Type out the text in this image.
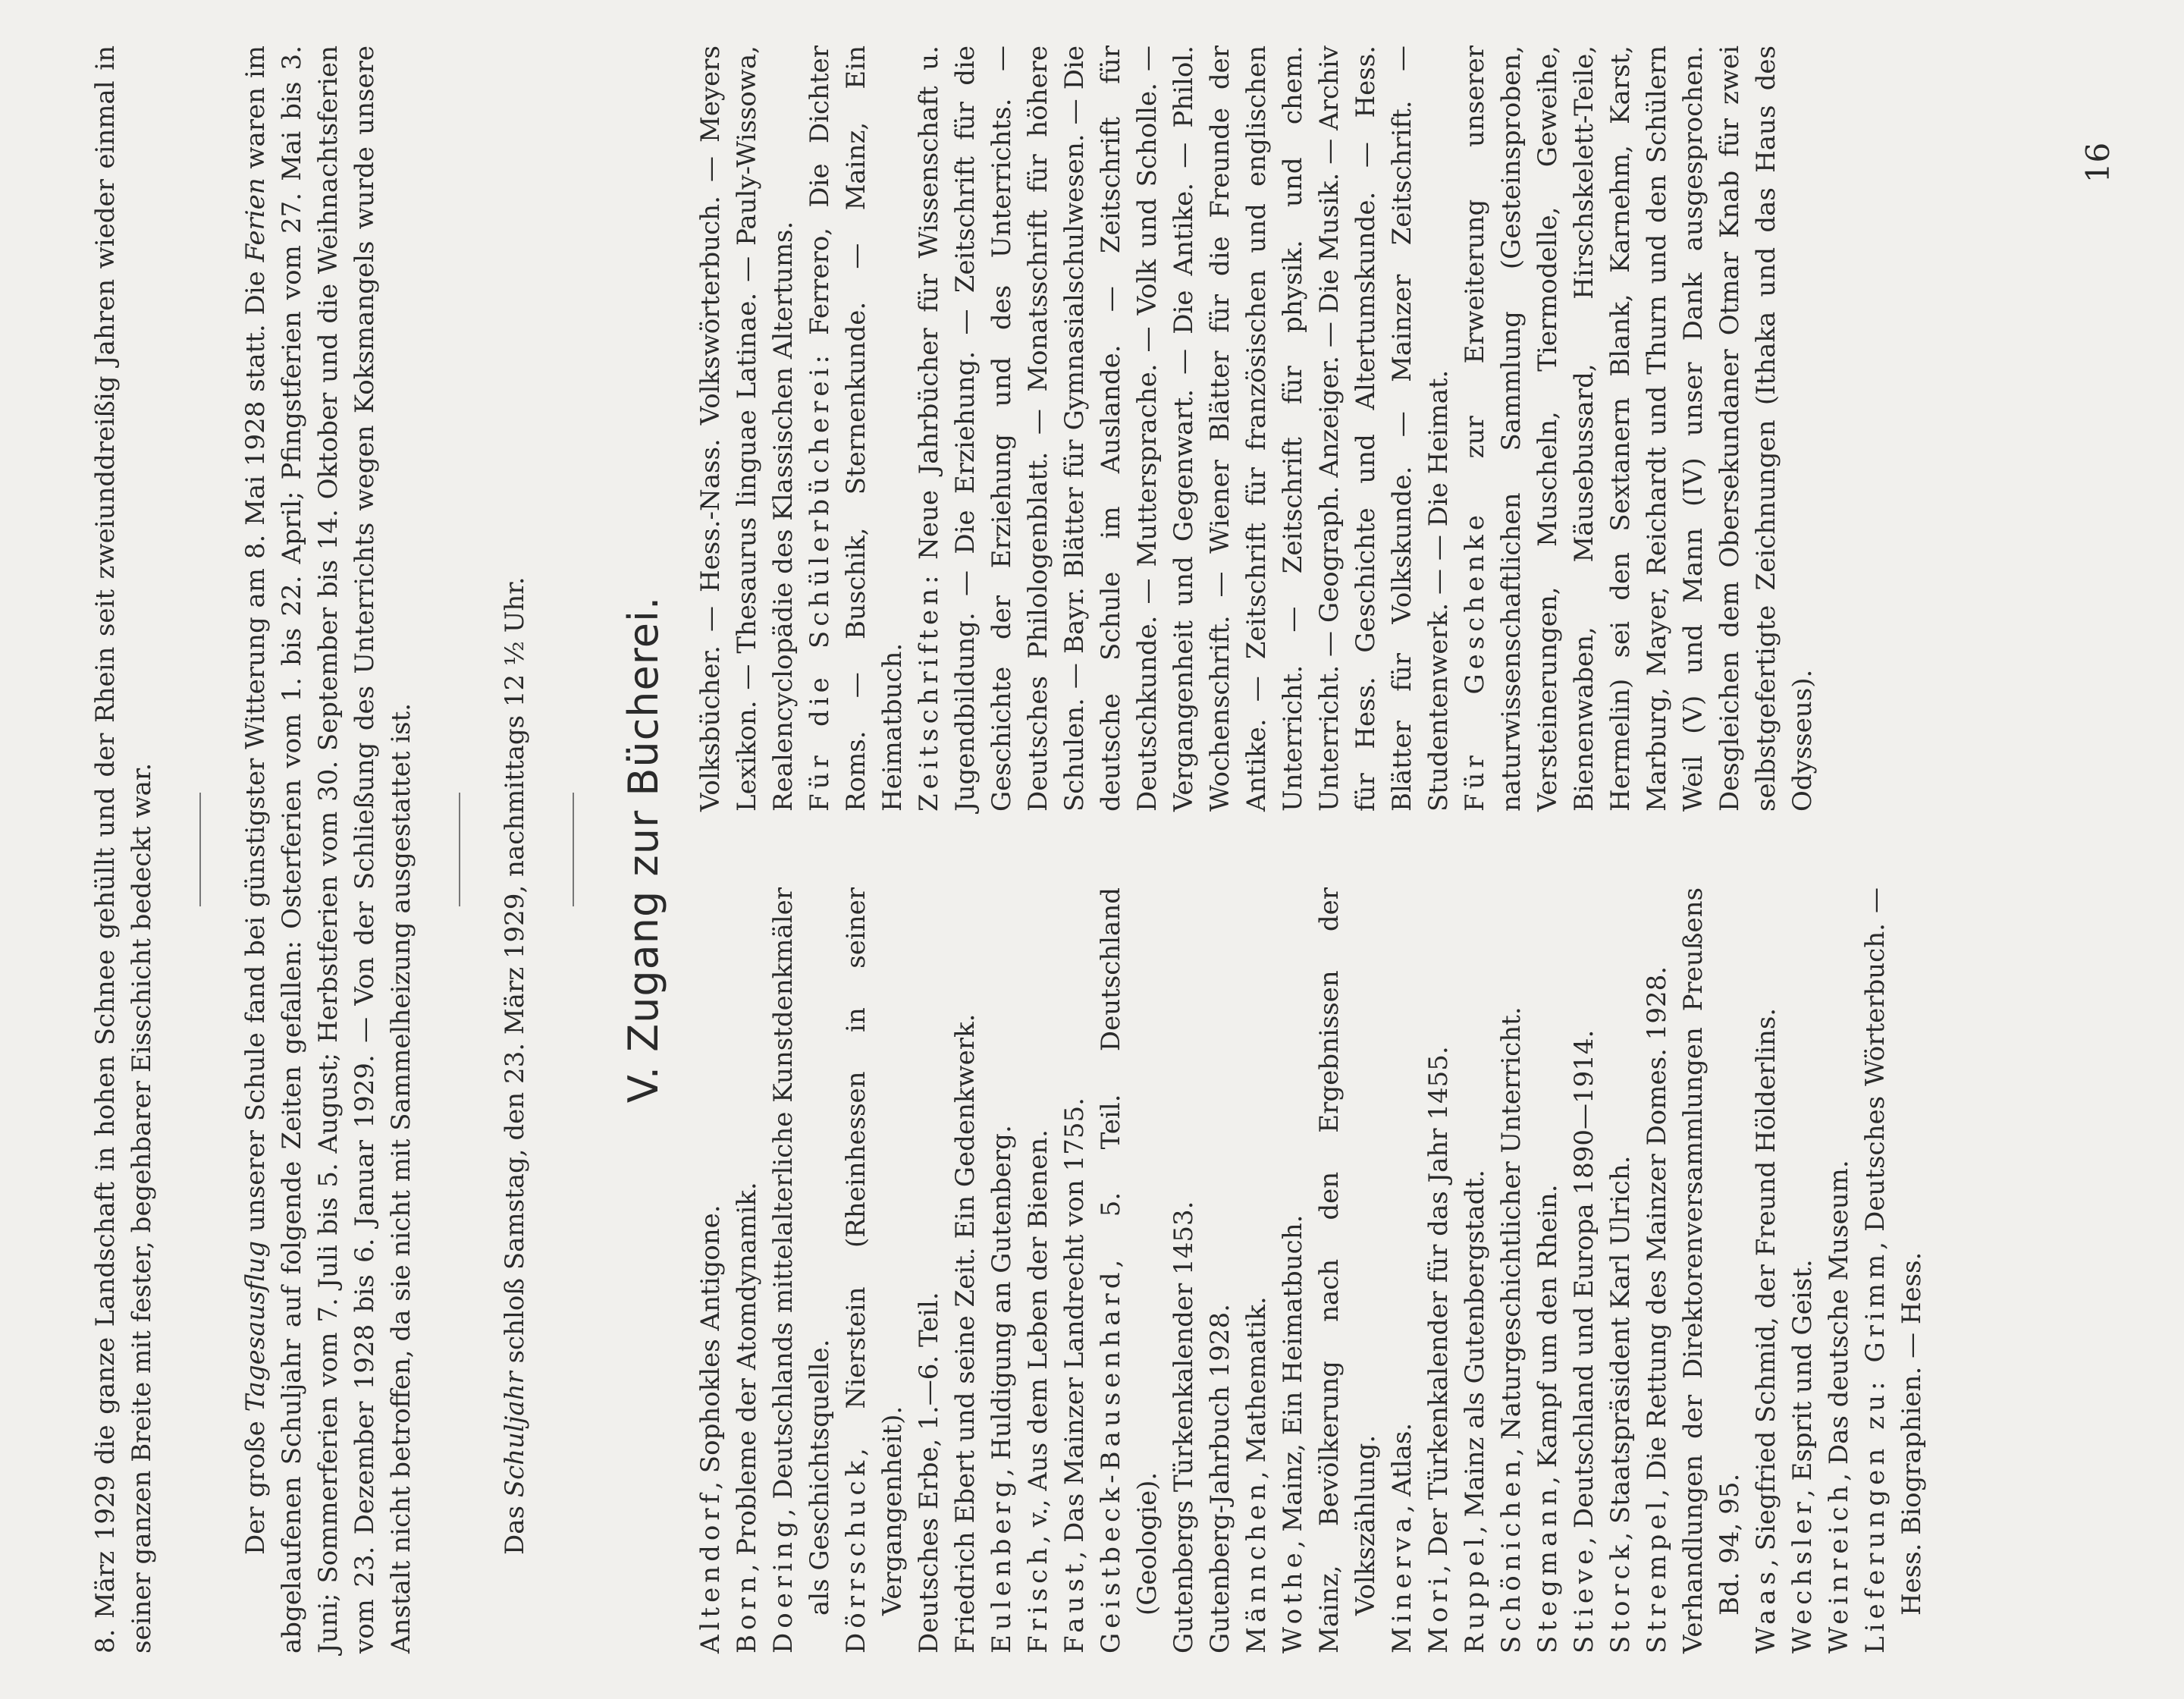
8. März 1929 die ganze Landschaft in hohen Schnee gehüllt und der Rhein seit zweiunddreißig Jahren wieder einmal in seiner ganzen Breite mit fester, begehbarer Eisschicht bedeckt war.	Der große Tagesausflug unserer Schule fand bei günstigster Witterung am 8. Mai 1928 statt. Die Ferien waren im abgelaufenen Schuljahr auf folgende Zeiten gefallen: Osterferien vom 1. bis 22. April; Pfingstferien vom 27. Mai bis 3. Juni; Sommerferien vom 7. Juli bis 5. August; Herbstferien vom 30. September bis 14. Oktober und die Weihnachtsferien vom 23. Dezember 1928 bis 6. Januar 1929. — Von der Schließung des Unterrichts wegen Koksmangels wurde unsere Anstalt nicht betroffen, da sie nicht mit Sammelheizung ausgestattet ist.	Das Schuljahr schloß Samstag, den 23. März 1929, nachmittags 12 ½ Uhr. V. Zugang zur Bücherei.

Altendorf, Sophokles Antigone.

Born, Probleme der Atomdynamik.

Doering, Deutschlands mittelalterliche Kunstdenkmäler als Geschichtsquelle. Dörrschuck, Nierstein (Rheinhessen in seiner Vergangenheit). Deutsches Erbe, 1.—6. Teil. Friedrich Ebert und seine Zeit. Ein Gedenkwerk. Eulenberg, Huldigung an Gutenberg.

Frisch, v., Aus dem Leben der Bienen.

Faust, Das Mainzer Landrecht von 1755. Geistbeck-Bausenhard, 5. Teil. Deutschland (Geologie). Gutenbergs Türkenkalender 1453. Gutenberg-Jahrbuch 1928. Männchen, Mathematik.

Wothe, Mainz, Ein Heimatbuch. Mainz, Bevölkerung nach den Ergebnissen der Volkszählung. Minerva, Atlas.

Mori, Der Türkenkalender für das Jahr 1455.

Ruppel, Mainz als Gutenbergstadt.

Schönichen, Naturgeschichtlicher Unterricht.

Stegmann, Kampf um den Rhein.

Stieve, Deutschland und Europa 1890—1914.

Storck, Staatspräsident Karl Ulrich.

Strempel, Die Rettung des Mainzer Domes. 1928. Verhandlungen der Direktorenversammlungen Preußens Bd. 94, 95. Waas, Siegfried Schmid, der Freund Hölderlins.

Wechsler, Esprit und Geist.

Weinreich, Das deutsche Museum. Lieferungen zu: Grimm, Deutsches Wörterbuch. — Hess. Biographien. — Hess.

Volksbücher. — Hess.-Nass. Volkswörterbuch. — Meyers Lexikon. — Thesaurus linguae Latinae. — Pauly-Wissowa, Realencyclopädie des Klassischen Altertums. Für die Schülerbücherei: Ferrero, Die Dichter Roms. — Buschik, Sternenkunde. — Mainz, Ein Heimatbuch. Zeitschriften: Neue Jahrbücher für Wissenschaft u. Jugendbildung. — Die Erziehung. — Zeitschrift für die Geschichte der Erziehung und des Unterrichts. — Deutsches Philologenblatt. — Monatsschrift für höhere Schulen. — Bayr. Blätter für Gymnasialschulwesen. — Die deutsche Schule im Auslande. — Zeitschrift für Deutschkunde. — Muttersprache. — Volk und Scholle. — Vergangenheit und Gegenwart. — Die Antike. — Philol. Wochenschrift. — Wiener Blätter für die Freunde der Antike. — Zeitschrift für französischen und englischen Unterricht. — Zeitschrift für physik. und chem. Unterricht. — Geograph. Anzeiger. — Die Musik. — Archiv für Hess. Geschichte und Altertumskunde. — Hess. Blätter für Volkskunde. — Mainzer Zeitschrift. — Studentenwerk. — — Die Heimat. Für Geschenke zur Erweiterung unserer naturwissenschaftlichen Sammlung (Gesteinsproben, Versteinerungen, Muscheln, Tiermodelle, Geweihe, Bienenwaben, Mäusebussard, Hirschskelett-Teile, Hermelin) sei den Sextanern Blank, Karnehm, Karst, Marburg, Mayer, Reichardt und Thurn und den Schülern Weil (V) und Mann (IV) unser Dank ausgesprochen. Desgleichen dem Obersekundaner Otmar Knab für zwei selbstgefertigte Zeichnungen (Ithaka und das Haus des Odysseus).

16
